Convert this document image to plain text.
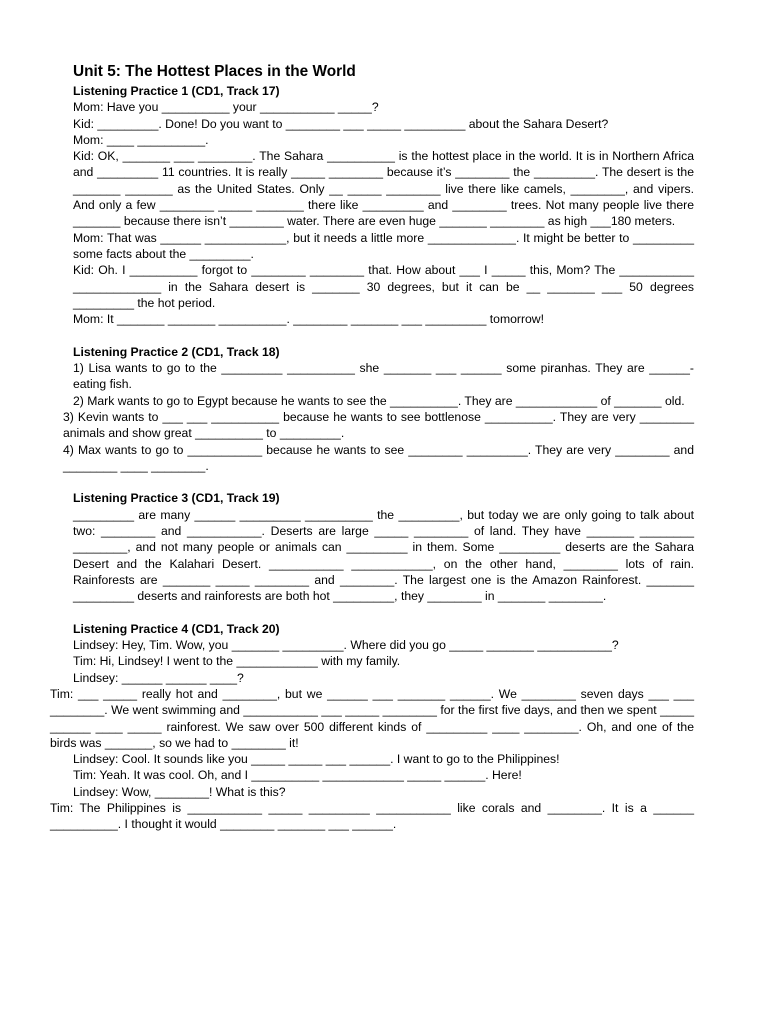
Unit 5: The Hottest Places in the World
Listening Practice 1 (CD1, Track 17)

Mom: Have you __________ your ___________ _____?

Kid: _________. Done! Do you want to ________ ___ _____ _________ about the Sahara Desert?

Mom: ____ __________.

Kid: OK, _______ ___ ________. The Sahara __________ is the hottest place in the world. It is in Northern Africa and _________ 11 countries. It is really _____ ________ because it’s ________ the _________. The desert is the _______ _______ as the United States. Only __ _____ ________ live there like camels, ________, and vipers. And only a few ________ _____ _______ there like _________ and ________ trees. Not many people live there _______ because there isn’t ________ water. There are even huge _______ ________ as high ___180 meters.

Mom: That was ______ ____________, but it needs a little more _____________. It might be better to _________ some facts about the _________.

Kid: Oh. I __________ forgot to ________ ________ that. How about ___ I _____ this, Mom? The ___________ _____________ in the Sahara desert is _______ 30 degrees, but it can be __ _______ ___ 50 degrees _________ the hot period.

Mom: It _______ _______ __________. ________ _______ ___ _________ tomorrow!

Listening Practice 2 (CD1, Track 18)

1) Lisa wants to go to the _________ __________ she _______ ___ ______ some piranhas. They are ______-eating fish.

2) Mark wants to go to Egypt because he wants to see the __________. They are ____________ of _______ old.

3) Kevin wants to ___ ___ __________ because he wants to see bottlenose __________. They are very ________ animals and show great __________ to _________.

4) Max wants to go to ___________ because he wants to see ________ _________. They are very ________ and ________ ____ ________.

Listening Practice 3 (CD1, Track 19)

_________ are many ______ _________ __________ the _________, but today we are only going to talk about two: ________ and ___________. Deserts are large _____ ________ of land. They have _______ ________ ________, and not many people or animals can _________ in them. Some _________ deserts are the Sahara Desert and the Kalahari Desert. ___________ ____________, on the other hand, ________ lots of rain. Rainforests are _______ _____ ________ and ________. The largest one is the Amazon Rainforest. _______ _________ deserts and rainforests are both hot _________, they ________ in _______ ________.

Listening Practice 4 (CD1, Track 20)

Lindsey: Hey, Tim. Wow, you _______ _________. Where did you go _____ _______ ___________?

Tim: Hi, Lindsey! I went to the ____________ with my family.

Lindsey: ______ ______ ____?

Tim: ___ _____ really hot and ________, but we ______ ___ _______ ______. We ________ seven days ___ ___ ________. We went swimming and ___________ ___ _____ ________ for the first five days, and then we spent _____ ______ ____ _____ rainforest. We saw over 500 different kinds of _________ ____ ________. Oh, and one of the birds was _______, so we had to ________ it!

Lindsey: Cool. It sounds like you _____ _____ ___ ______. I want to go to the Philippines!

Tim: Yeah. It was cool. Oh, and I __________ ____________ _____ ______. Here!

Lindsey: Wow, ________! What is this?

Tim: The Philippines is ___________ _____ _________ ___________ like corals and ________. It is a ______ __________. I thought it would ________ _______ ___ ______.
